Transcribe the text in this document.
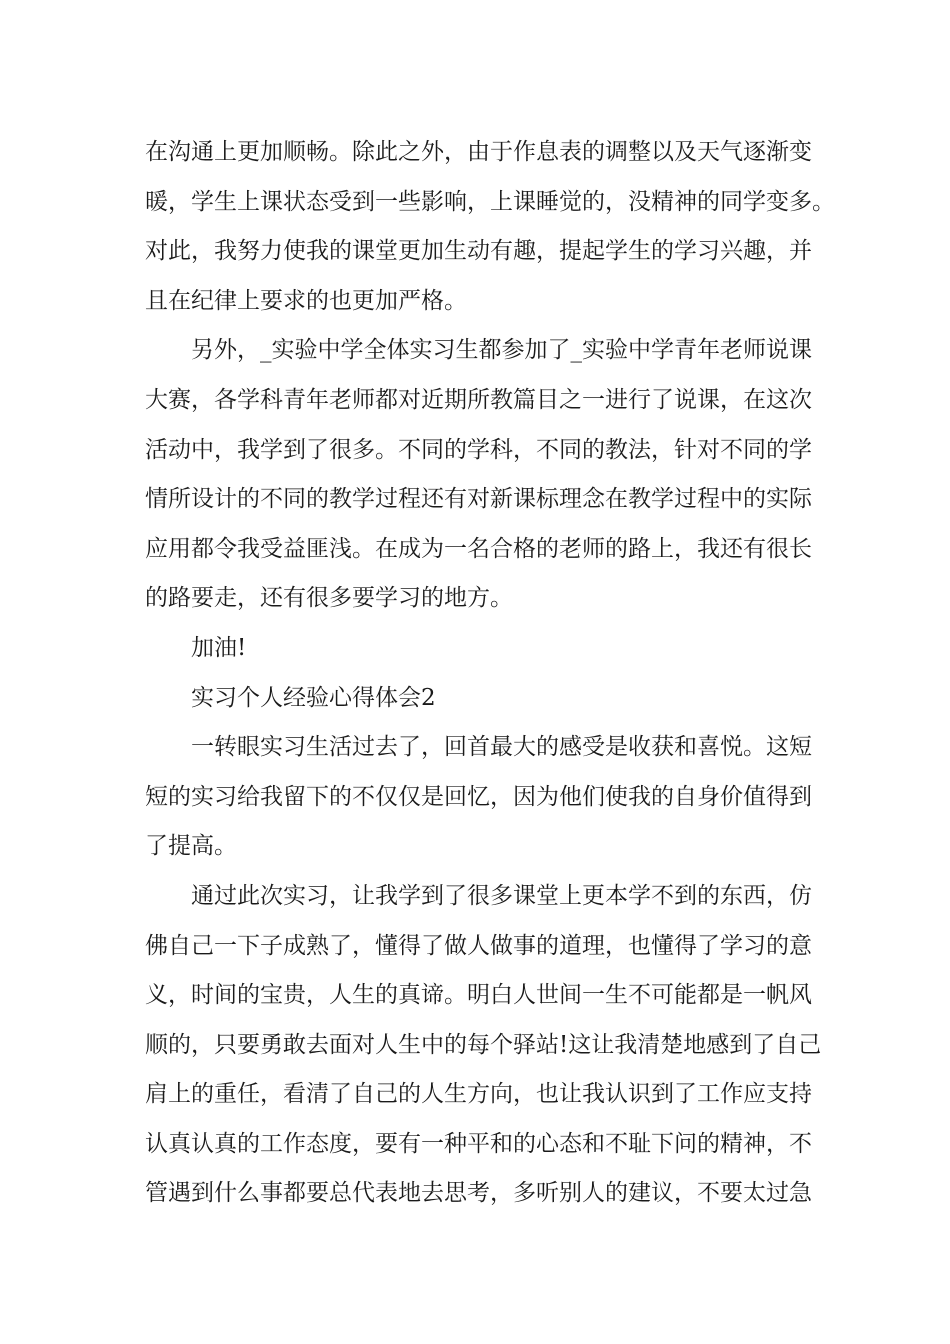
在沟通上更加顺畅。除此之外，由于作息表的调整以及天气逐渐变
暖，学生上课状态受到一些影响，上课睡觉的，没精神的同学变多。
对此，我努力使我的课堂更加生动有趣，提起学生的学习兴趣，并
且在纪律上要求的也更加严格。
另外，_实验中学全体实习生都参加了_实验中学青年老师说课
大赛，各学科青年老师都对近期所教篇目之一进行了说课，在这次
活动中，我学到了很多。不同的学科，不同的教法，针对不同的学
情所设计的不同的教学过程还有对新课标理念在教学过程中的实际
应用都令我受益匪浅。在成为一名合格的老师的路上，我还有很长
的路要走，还有很多要学习的地方。
加油!
实习个人经验心得体会2
一转眼实习生活过去了，回首最大的感受是收获和喜悦。这短
短的实习给我留下的不仅仅是回忆，因为他们使我的自身价值得到
了提高。
通过此次实习，让我学到了很多课堂上更本学不到的东西，仿
佛自己一下子成熟了，懂得了做人做事的道理，也懂得了学习的意
义，时间的宝贵，人生的真谛。明白人世间一生不可能都是一帆风
顺的，只要勇敢去面对人生中的每个驿站!这让我清楚地感到了自己
肩上的重任，看清了自己的人生方向，也让我认识到了工作应支持
认真认真的工作态度，要有一种平和的心态和不耻下问的精神，不
管遇到什么事都要总代表地去思考，多听别人的建议，不要太过急
